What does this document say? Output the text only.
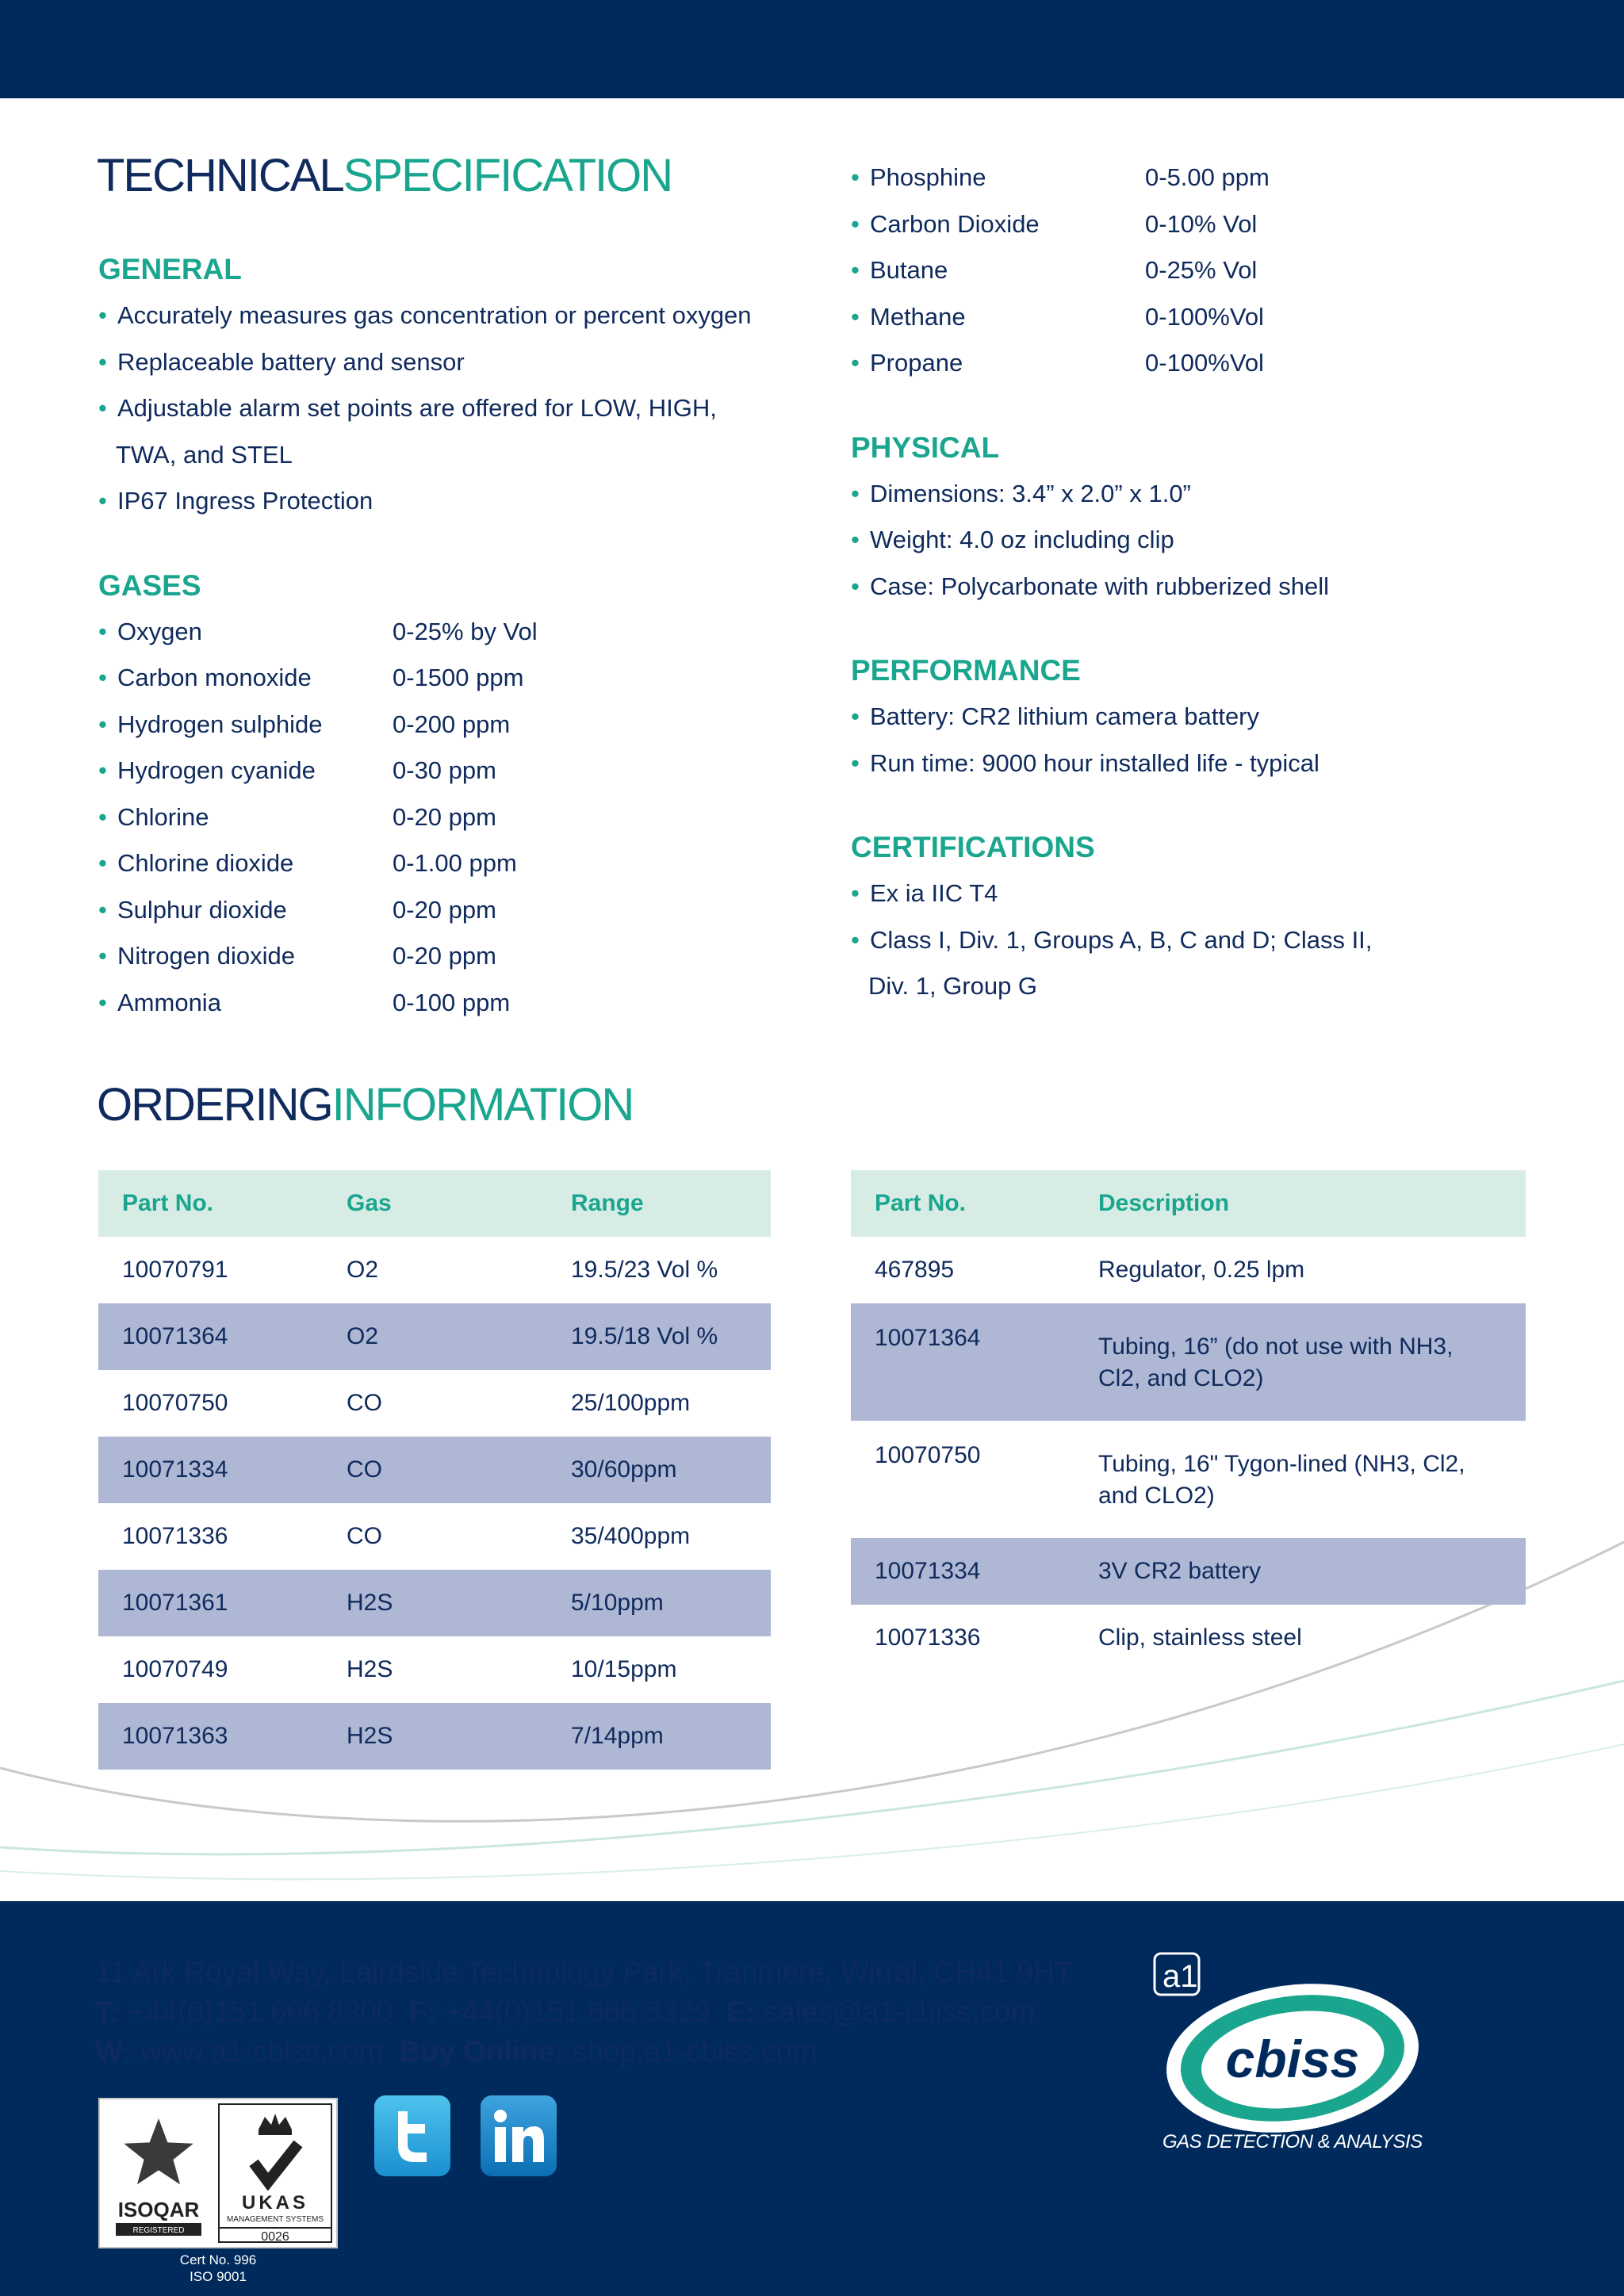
TECHNICALSPECIFICATION
GENERAL
• Accurately measures gas concentration or percent oxygen
• Replaceable battery and sensor
• Adjustable alarm set points are offered for LOW, HIGH,
TWA, and STEL
• IP67 Ingress Protection
GASES
• Oxygen	0-25% by Vol
• Carbon monoxide	0-1500 ppm
• Hydrogen sulphide	0-200 ppm
• Hydrogen cyanide	0-30 ppm
• Chlorine	0-20 ppm
• Chlorine dioxide	0-1.00 ppm
• Sulphur dioxide	0-20 ppm
• Nitrogen dioxide	0-20 ppm
• Ammonia	0-100 ppm
• Phosphine	0-5.00 ppm
• Carbon Dioxide	0-10% Vol
• Butane	0-25% Vol
• Methane	0-100%Vol
• Propane	0-100%Vol
PHYSICAL
• Dimensions: 3.4” x 2.0” x 1.0”
• Weight: 4.0 oz including clip
• Case: Polycarbonate with rubberized shell
PERFORMANCE
• Battery: CR2 lithium camera battery
• Run time: 9000 hour installed life - typical
CERTIFICATIONS
• Ex ia IIC T4
• Class I, Div. 1, Groups A, B, C and D; Class II,
Div. 1, Group G
ORDERINGINFORMATION
Part No.	Gas	Range
10070791	O2	19.5/23 Vol %
10071364	O2	19.5/18 Vol %
10070750	CO	25/100ppm
10071334	CO	30/60ppm
10071336	CO	35/400ppm
10071361	H2S	5/10ppm
10070749	H2S	10/15ppm
10071363	H2S	7/14ppm
Part No.	Description
467895	Regulator, 0.25 lpm
10071364	Tubing, 16” (do not use with NH3, Cl2, and CLO2)
10070750	Tubing, 16" Tygon-lined (NH3, Cl2, and CLO2)
10071334	3V CR2 battery
10071336	Clip, stainless steel
11 Ark Royal Way, Lairdside Technology Park, Tranmere, Wirral, CH41 9HT
T: +44(0)151 666 8300 F: +44(0)151 666 8329 E: sales@a1-cbiss.com
W: www.a1-cbiss.com Buy Online: shop.a1-cbiss.com
ISOQAR
REGISTERED
UKAS
MANAGEMENT SYSTEMS
0026
Cert No. 996
ISO 9001
a1
cbiss
GAS DETECTION & ANALYSIS
